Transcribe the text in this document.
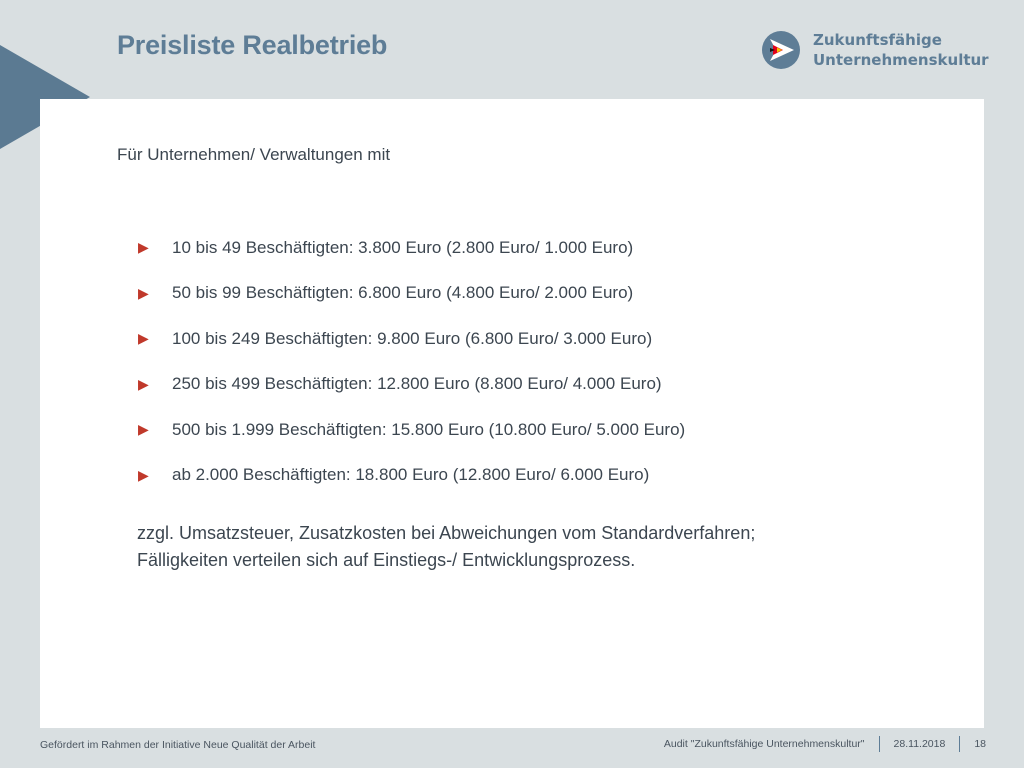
Preisliste Realbetrieb	Zukunftsfähige
Unternehmenskultur
Für Unternehmen/ Verwaltungen mit
▶ 10 bis 49 Beschäftigten: 3.800 Euro (2.800 Euro/ 1.000 Euro)
▶ 50 bis 99 Beschäftigten: 6.800 Euro (4.800 Euro/ 2.000 Euro)
▶ 100 bis 249 Beschäftigten: 9.800 Euro (6.800 Euro/ 3.000 Euro)
▶ 250 bis 499 Beschäftigten: 12.800 Euro (8.800 Euro/ 4.000 Euro)
▶ 500 bis 1.999 Beschäftigten: 15.800 Euro (10.800 Euro/ 5.000 Euro)
▶ ab 2.000 Beschäftigten: 18.800 Euro (12.800 Euro/ 6.000 Euro)

zzgl. Umsatzsteuer, Zusatzkosten bei Abweichungen vom Standardverfahren;

Fälligkeiten verteilen sich auf Einstiegs-/ Entwicklungsprozess.

Gefördert im Rahmen der Initiative Neue Qualität der Arbeit	Audit "Zukunftsfähige Unternehmenskultur"	28.11.2018	18
